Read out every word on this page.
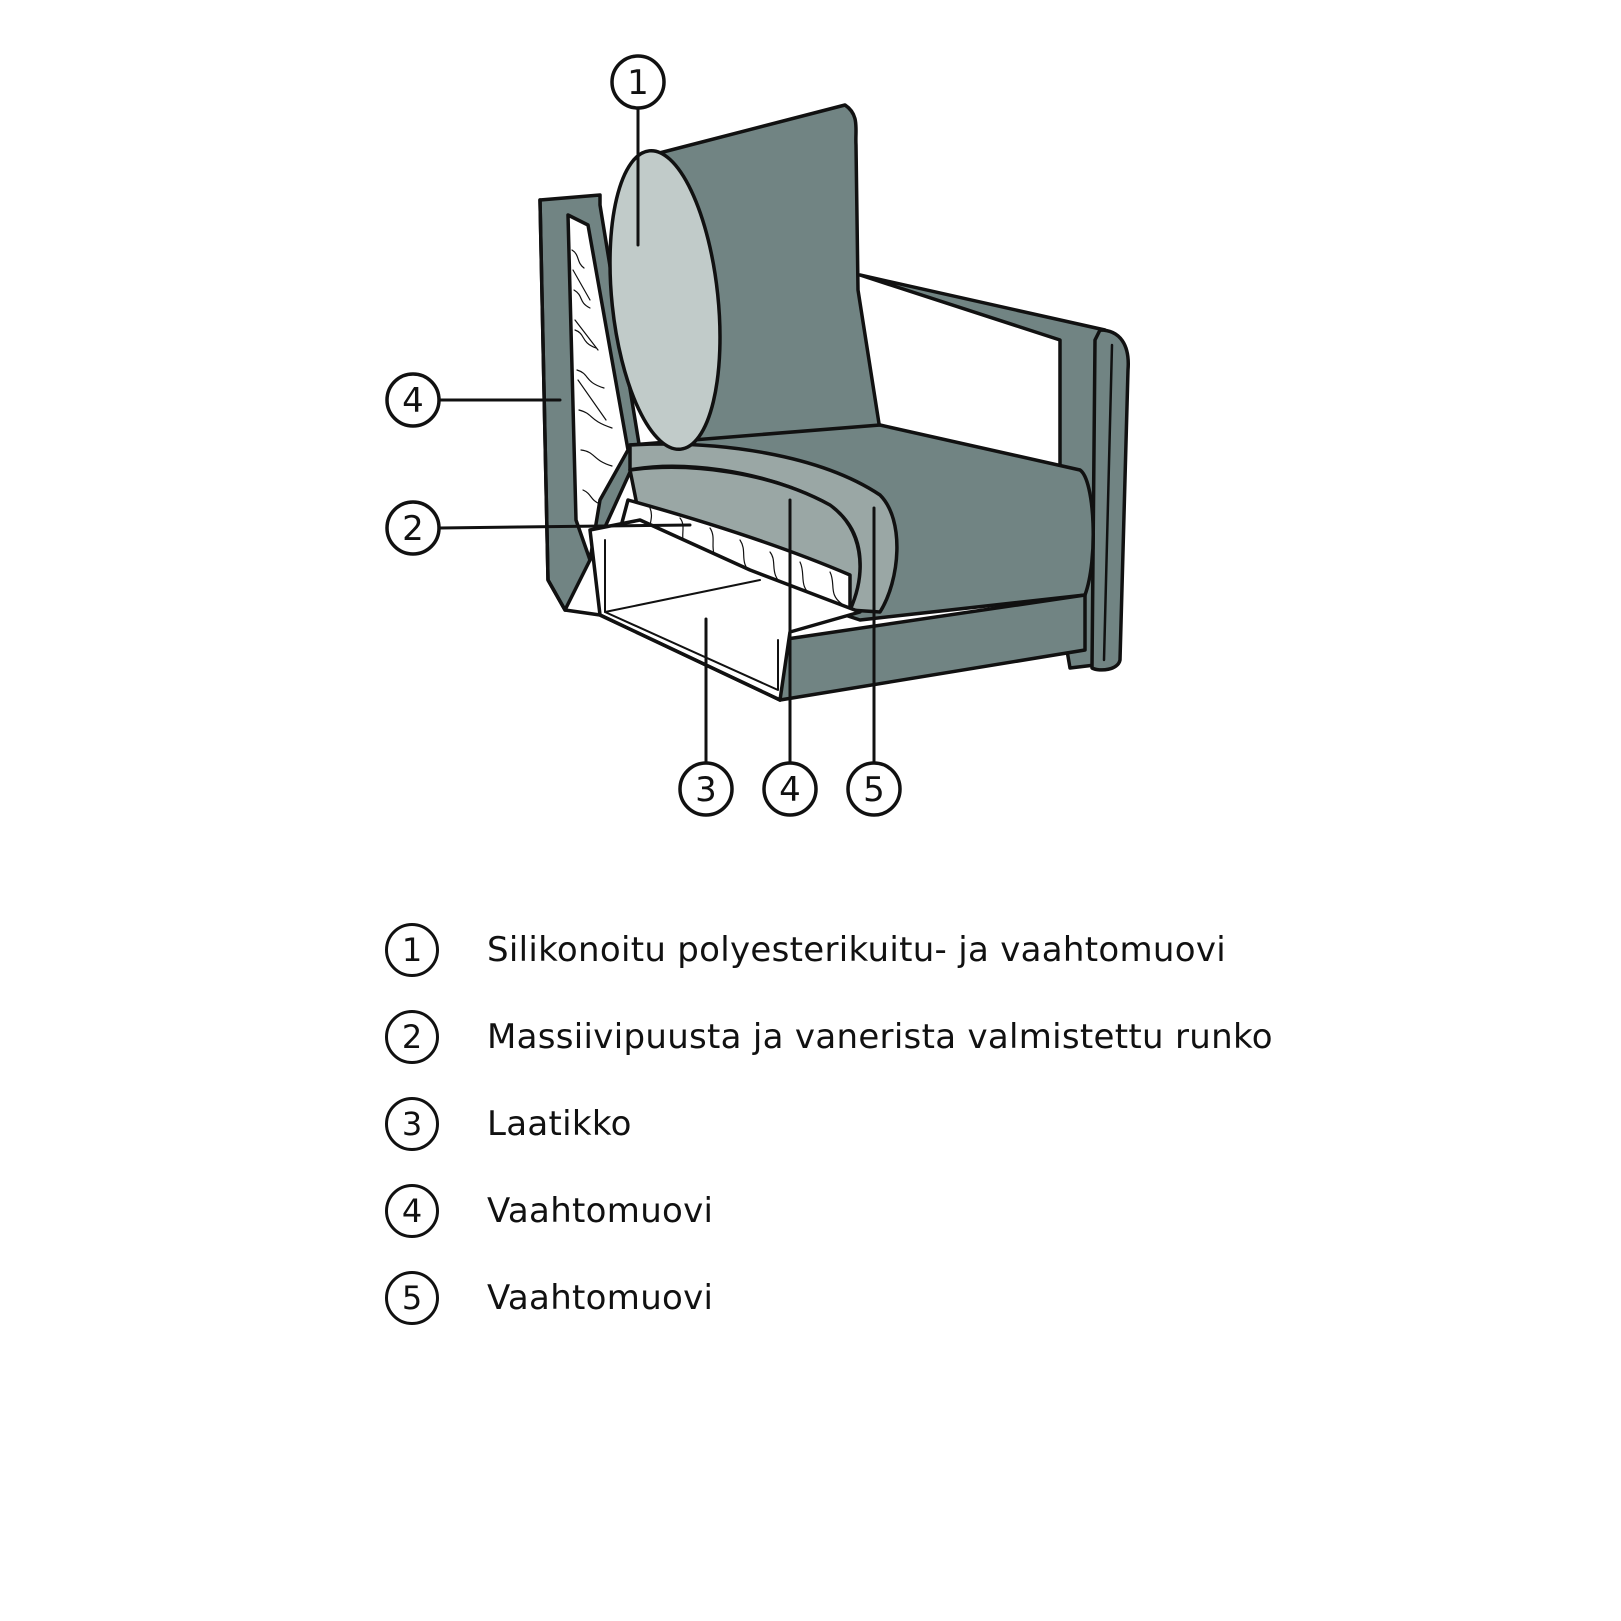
1
4
2
3 4 5
1	Silikonoitu polyesterikuitu- ja vaahtomuovi
2	Massiivipuusta ja vanerista valmistettu runko
3	Laatikko
4	Vaahtomuovi
5	Vaahtomuovi
